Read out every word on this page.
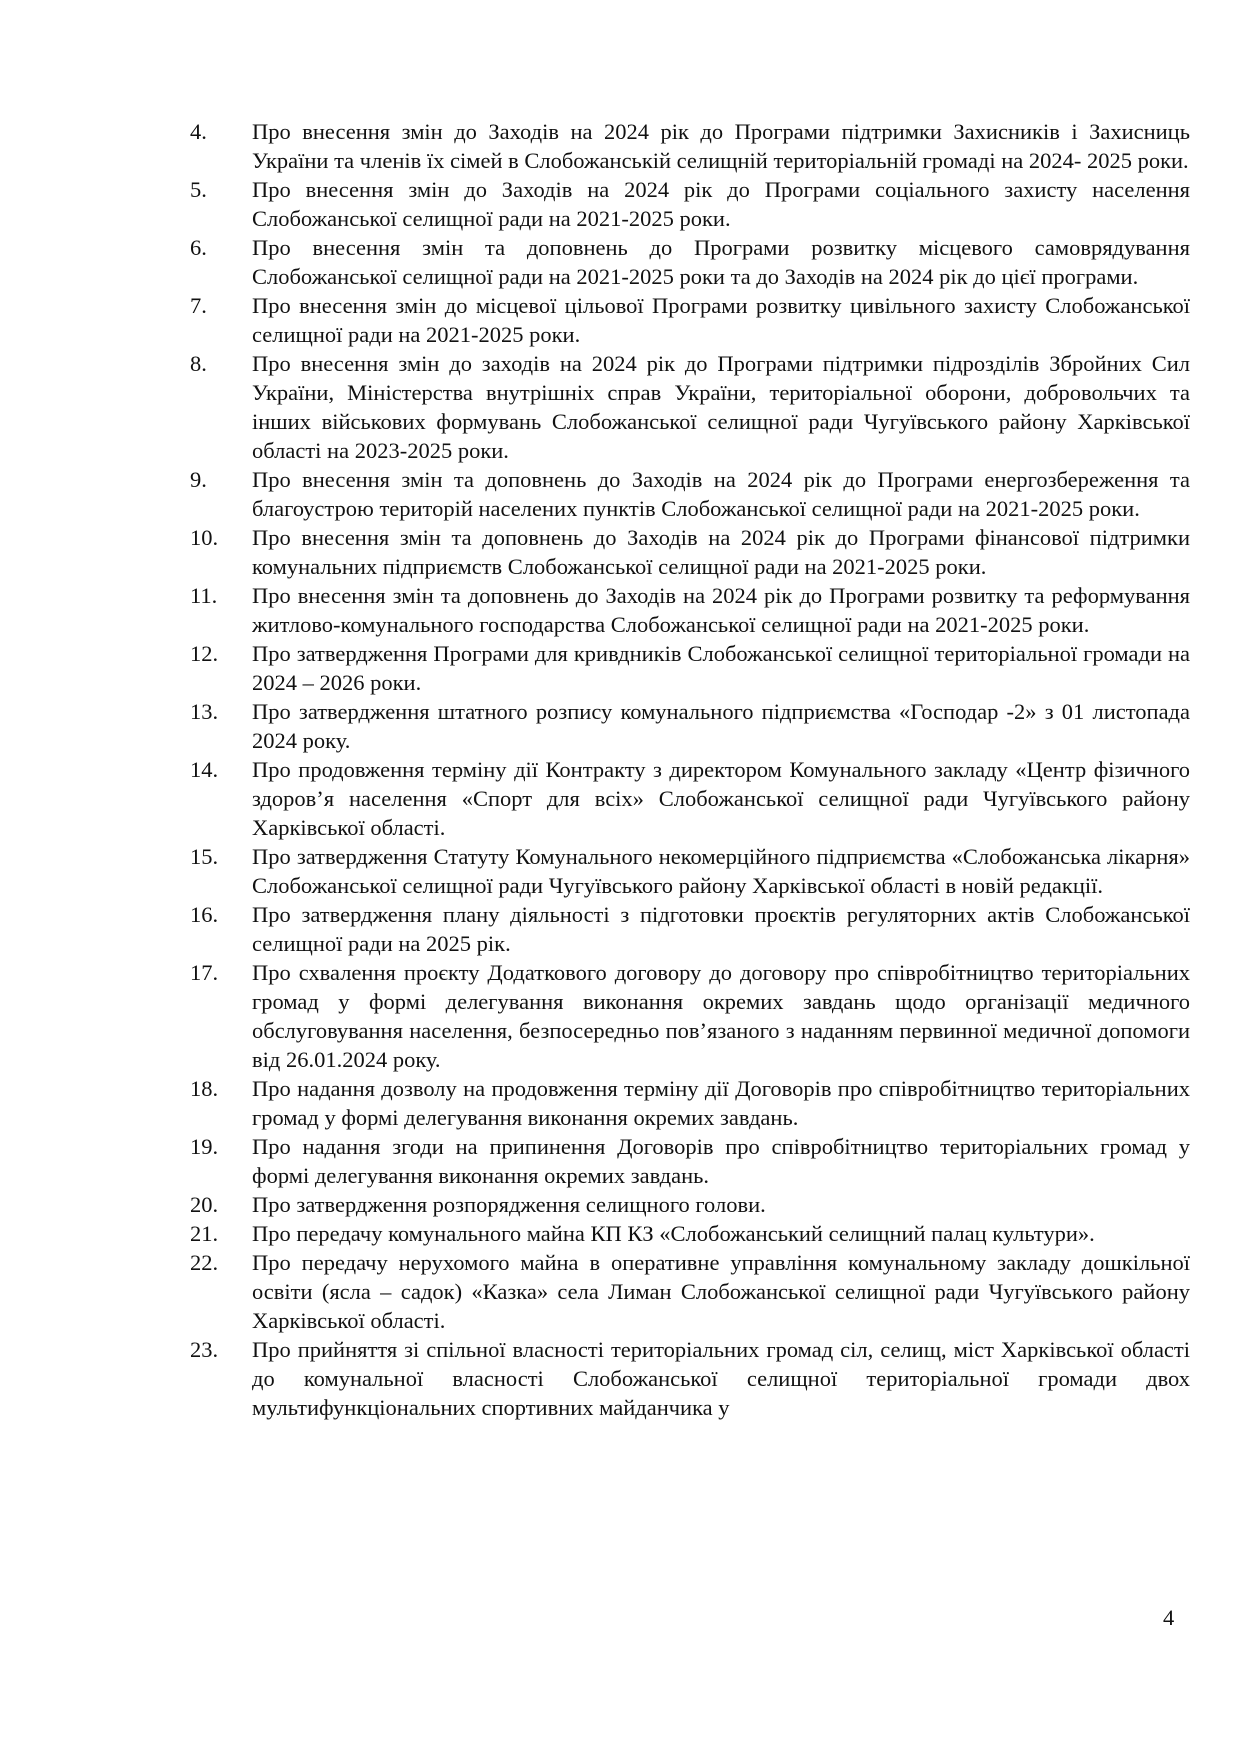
4.	Про внесення змін до Заходів на 2024 рік до Програми підтримки Захисників і Захисниць України та членів їх сімей в Слобожанській селищній територіальній громаді на 2024- 2025 роки.
5.	Про внесення змін до Заходів на 2024 рік до Програми соціального захисту населення Слобожанської селищної ради на 2021-2025 роки.
6.	Про внесення змін та доповнень до Програми розвитку місцевого самоврядування Слобожанської селищної ради на 2021-2025 роки та до Заходів на 2024 рік до цієї програми.
7.	Про внесення змін до місцевої цільової Програми розвитку цивільного захисту Слобожанської селищної ради на 2021-2025 роки.
8.	Про внесення змін до заходів на 2024 рік до Програми підтримки підрозділів Збройних Сил України, Міністерства внутрішніх справ України, територіальної оборони, добровольчих та інших військових формувань Слобожанської селищної ради Чугуївського району Харківської області на 2023-2025 роки.
9.	Про внесення змін та доповнень до Заходів на 2024 рік до Програми енергозбереження та благоустрою територій населених пунктів Слобожанської селищної ради на 2021-2025 роки.
10.	Про внесення змін та доповнень до Заходів на 2024 рік до Програми фінансової підтримки комунальних підприємств Слобожанської селищної ради на 2021-2025 роки.
11.	Про внесення змін та доповнень до Заходів на 2024 рік до Програми розвитку та реформування житлово-комунального господарства Слобожанської селищної ради на 2021-2025 роки.
12.	Про затвердження Програми для кривдників Слобожанської селищної територіальної громади на 2024 – 2026 роки.
13.	Про затвердження штатного розпису комунального підприємства «Господар -2» з 01 листопада 2024 року.
14.	Про продовження терміну дії Контракту з директором Комунального закладу «Центр фізичного здоров’я населення «Спорт для всіх» Слобожанської селищної ради Чугуївського району Харківської області.
15.	Про затвердження Статуту Комунального некомерційного підприємства «Слобожанська лікарня» Слобожанської селищної ради Чугуївського району Харківської області в новій редакції.
16.	Про затвердження плану діяльності з підготовки проєктів регуляторних актів Слобожанської селищної ради на 2025 рік.
17.	Про схвалення проєкту Додаткового договору до договору про співробітництво територіальних громад у формі делегування виконання окремих завдань щодо організації медичного обслуговування населення, безпосередньо пов’язаного з наданням первинної медичної допомоги від 26.01.2024 року.
18.	Про надання дозволу на продовження терміну дії Договорів про співробітництво територіальних громад у формі делегування виконання окремих завдань.
19.	Про надання згоди на припинення Договорів про співробітництво територіальних громад у формі делегування виконання окремих завдань.
20.	Про затвердження розпорядження селищного голови.
21.	Про передачу комунального майна КП КЗ «Слобожанський селищний палац культури».
22.	Про передачу нерухомого майна в оперативне управління комунальному закладу дошкільної освіти (ясла – садок) «Казка» села Лиман Слобожанської селищної ради Чугуївського району Харківської області.
23.	Про прийняття зі спільної власності територіальних громад сіл, селищ, міст Харківської області до комунальної власності Слобожанської селищної територіальної громади двох мультифункціональних спортивних майданчика у
4
